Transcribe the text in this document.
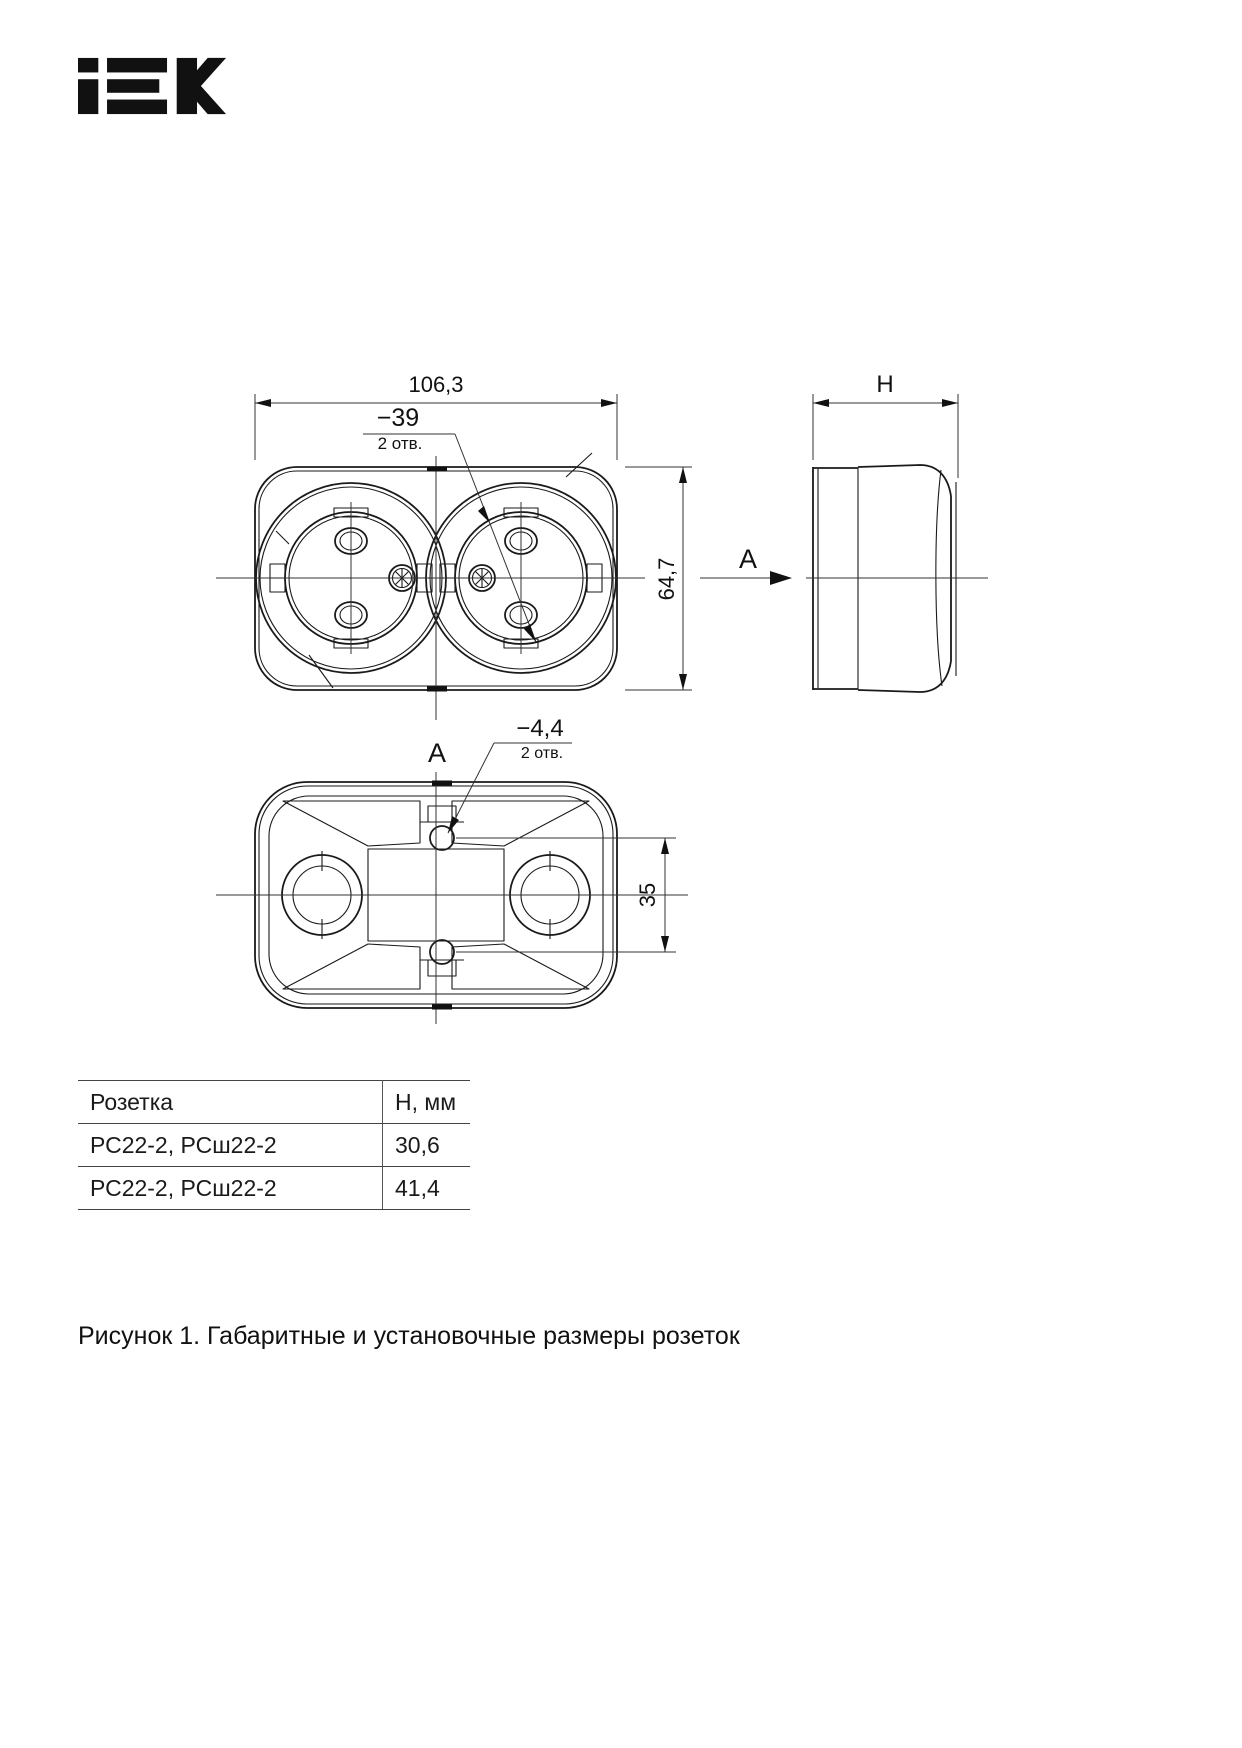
106,3
−39
2 отв.
64,7 A
H
A
−4,4
2 отв.
35
Розетка	Н, мм
РС22-2, РСш22-2	30,6
РС22-2, РСш22-2	41,4
Рисунок 1. Габаритные и установочные размеры розеток
